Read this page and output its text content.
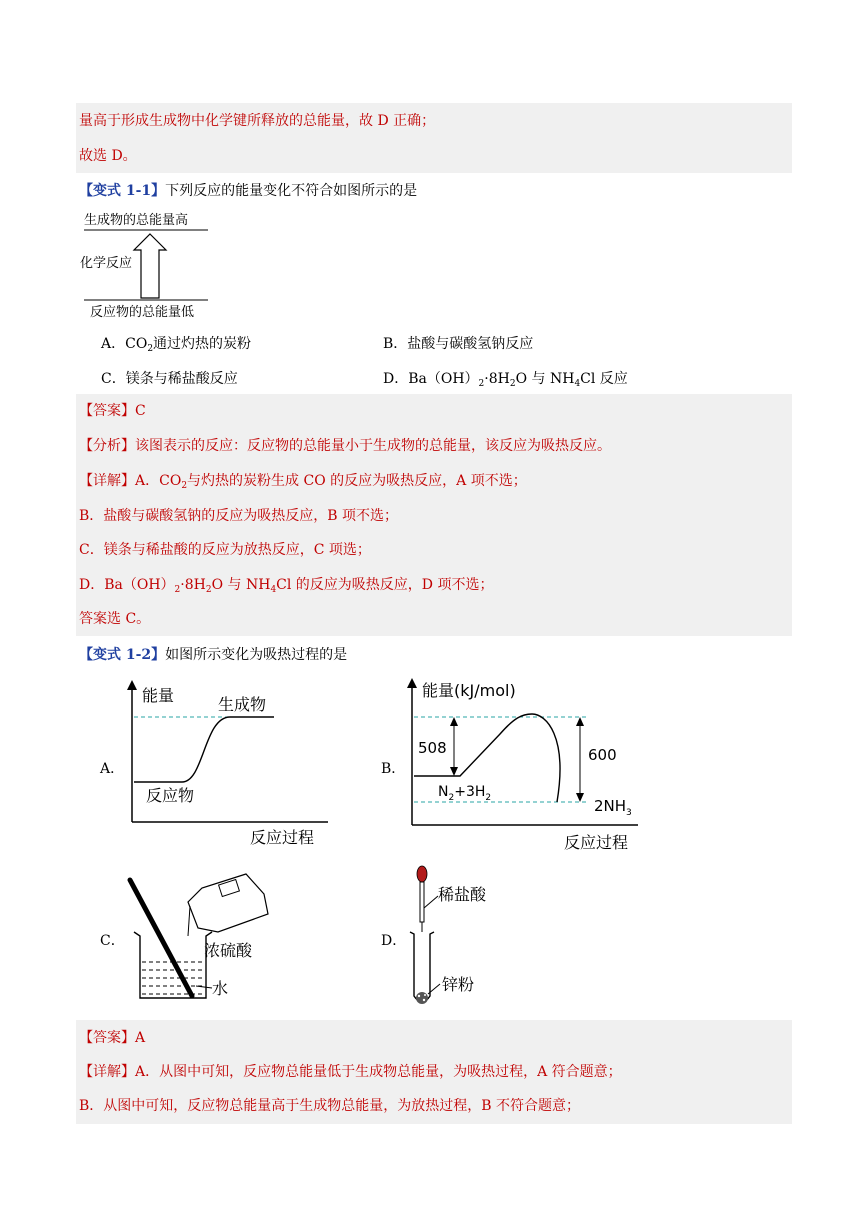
量高于形成生成物中化学键所释放的总能量，故 D 正确；
故选 D。
【变式 1-1】下列反应的能量变化不符合如图所示的是
生成物的总能量高
化学反应
反应物的总能量低
A．$CO_2$通过灼热的炭粉	B．盐酸与碳酸氢钠反应
C．镁条与稀盐酸反应	D．$Ba(OH)_2\cdot 8H_2O$ 与 $NH_4Cl$ 反应
【答案】C
【分析】该图表示的反应：反应物的总能量小于生成物的总能量，该反应为吸热反应。
【详解】A．$CO_2$与灼热的炭粉生成 CO 的反应为吸热反应，A 项不选；
B．盐酸与碳酸氢钠的反应为吸热反应，B 项不选；
C．镁条与稀盐酸的反应为放热反应，C 项选；
D．$Ba(OH)_2\cdot 8H_2O$ 与 $NH_4Cl$ 的反应为吸热反应，D 项不选；
答案选 C。
【变式 1-2】如图所示变化为吸热过程的是
A．
能量	生成物
反应物
反应过程
B．
能量(kJ/mol)
508	600
$N_2+3H_2$	$2NH_3$
反应过程
C．	浓硫酸
水
D．
稀盐酸
锌粉
【答案】A
【详解】A．从图中可知，反应物总能量低于生成物总能量，为吸热过程，A 符合题意；
B．从图中可知，反应物总能量高于生成物总能量，为放热过程，B 不符合题意；
